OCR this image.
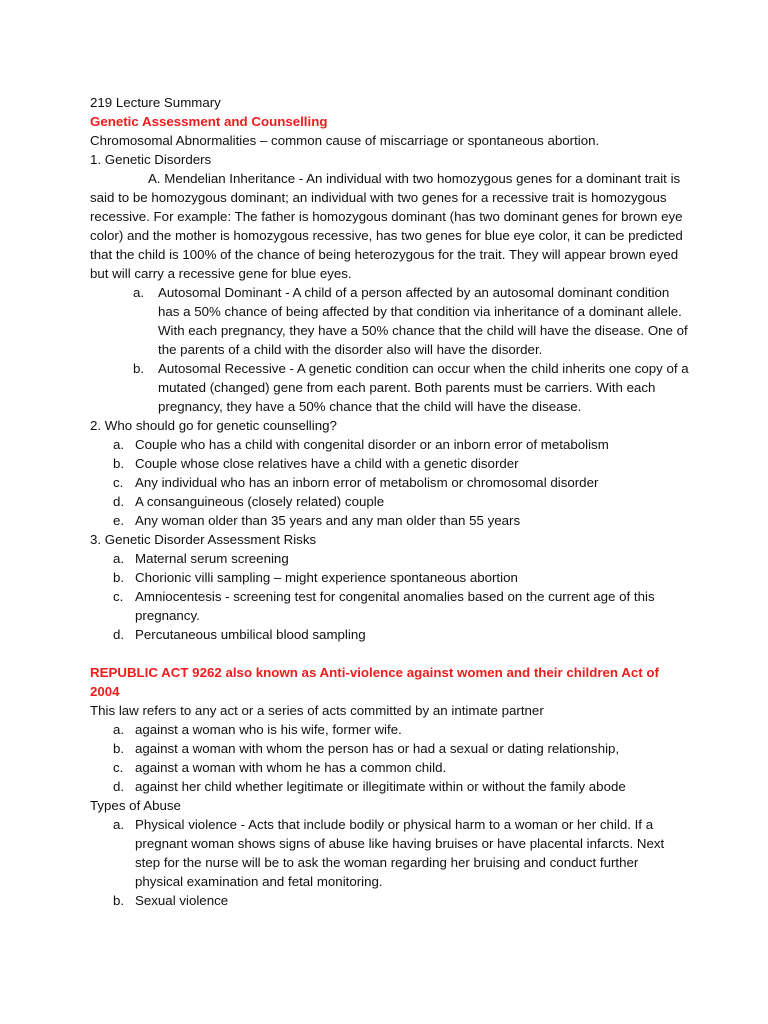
219 Lecture Summary

Genetic Assessment and Counselling

Chromosomal Abnormalities – common cause of miscarriage or spontaneous abortion.

1. Genetic Disorders

A. Mendelian Inheritance - An individual with two homozygous genes for a dominant trait is said to be homozygous dominant; an individual with two genes for a recessive trait is homozygous recessive. For example: The father is homozygous dominant (has two dominant genes for brown eye color) and the mother is homozygous recessive, has two genes for blue eye color, it can be predicted that the child is 100% of the chance of being heterozygous for the trait. They will appear brown eyed but will carry a recessive gene for blue eyes.

a. Autosomal Dominant - A child of a person affected by an autosomal dominant condition has a 50% chance of being affected by that condition via inheritance of a dominant allele. With each pregnancy, they have a 50% chance that the child will have the disease. One of the parents of a child with the disorder also will have the disorder.
b. Autosomal Recessive - A genetic condition can occur when the child inherits one copy of a mutated (changed) gene from each parent. Both parents must be carriers. With each pregnancy, they have a 50% chance that the child will have the disease.

2. Who should go for genetic counselling?

a. Couple who has a child with congenital disorder or an inborn error of metabolism
b. Couple whose close relatives have a child with a genetic disorder
c. Any individual who has an inborn error of metabolism or chromosomal disorder
d. A consanguineous (closely related) couple
e. Any woman older than 35 years and any man older than 55 years

3. Genetic Disorder Assessment Risks

a. Maternal serum screening
b. Chorionic villi sampling – might experience spontaneous abortion
c. Amniocentesis - screening test for congenital anomalies based on the current age of this pregnancy.
d. Percutaneous umbilical blood sampling

REPUBLIC ACT 9262 also known as Anti-violence against women and their children Act of 2004

This law refers to any act or a series of acts committed by an intimate partner

a. against a woman who is his wife, former wife.
b. against a woman with whom the person has or had a sexual or dating relationship,
c. against a woman with whom he has a common child.
d. against her child whether legitimate or illegitimate within or without the family abode

Types of Abuse

a. Physical violence - Acts that include bodily or physical harm to a woman or her child. If a pregnant woman shows signs of abuse like having bruises or have placental infarcts. Next step for the nurse will be to ask the woman regarding her bruising and conduct further physical examination and fetal monitoring.
b. Sexual violence
